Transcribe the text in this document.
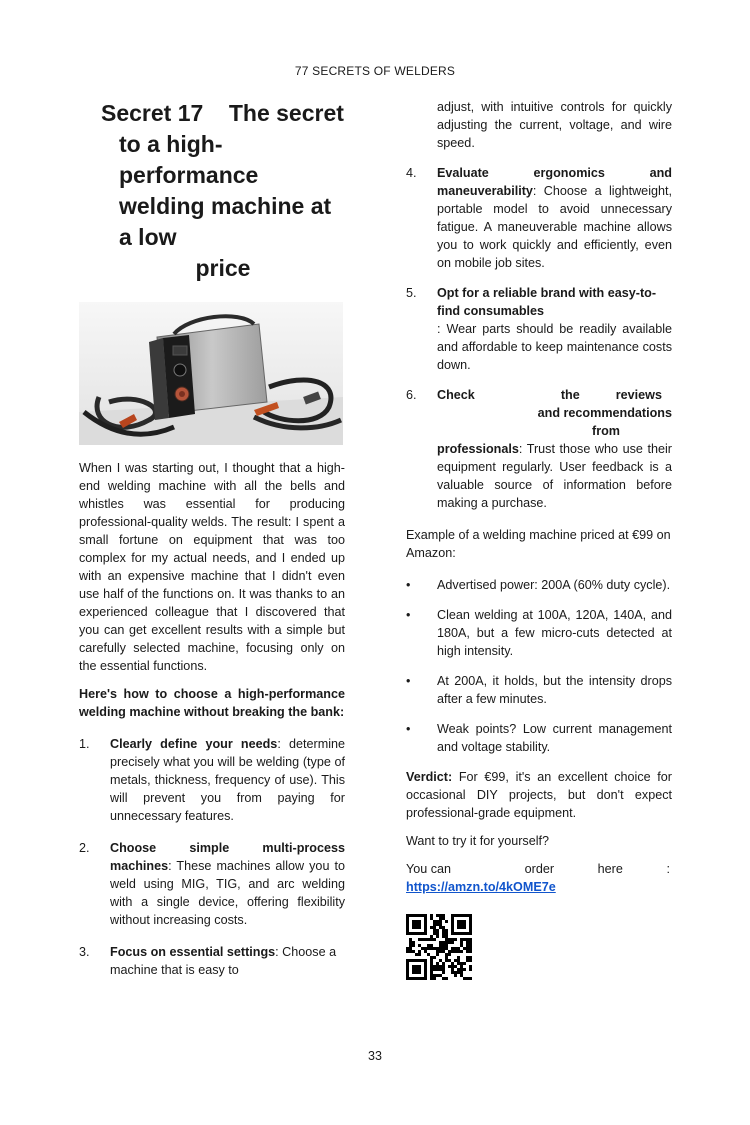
77 SECRETS OF WELDERS
Secret 17    The secret
to a high-
performance
welding machine at
a low
price

When I was starting out, I thought that a high-end welding machine with all the bells and whistles was essential for producing professional-quality welds. The result: I spent a small fortune on equipment that was too complex for my actual needs, and I ended up with an expensive machine that I didn't even use half of the functions on. It was thanks to an experienced colleague that I discovered that you can get excellent results with a simple but carefully selected machine, focusing only on the essential functions.

Here's how to choose a high-performance welding machine without breaking the bank:

1. Clearly define your needs: determine precisely what you will be welding (type of metals, thickness, frequency of use). This will prevent you from paying for unnecessary features.
2. Choose simple multi-process machines: These machines allow you to weld using MIG, TIG, and arc welding with a single device, offering flexibility without increasing costs.
3. Focus on essential settings: Choose a machine that is easy to
adjust, with intuitive controls for quickly adjusting the current, voltage, and wire speed.
4. Evaluate ergonomics and maneuverability: Choose a lightweight, portable model to avoid unnecessary fatigue. A maneuverable machine allows you to work quickly and efficiently, even on mobile job sites.
5. Opt for a reliable brand with easy-to-find consumables
: Wear parts should be readily available and affordable to keep maintenance costs down.
6. Check	the	reviews
and recommendations
from
professionals: Trust those who use their equipment regularly. User feedback is a valuable source of information before making a purchase.

Example of a welding machine priced at €99 on Amazon:

• Advertised power: 200A (60% duty cycle).
• Clean welding at 100A, 120A, 140A, and 180A, but a few micro-cuts detected at high intensity.
• At 200A, it holds, but the intensity drops after a few minutes.
• Weak points? Low current management and voltage stability.

Verdict: For €99, it's an excellent choice for occasional DIY projects, but don't expect professional-grade equipment.

Want to try it for yourself?

You can	order	here	:
https://amzn.to/4kOME7e
33
